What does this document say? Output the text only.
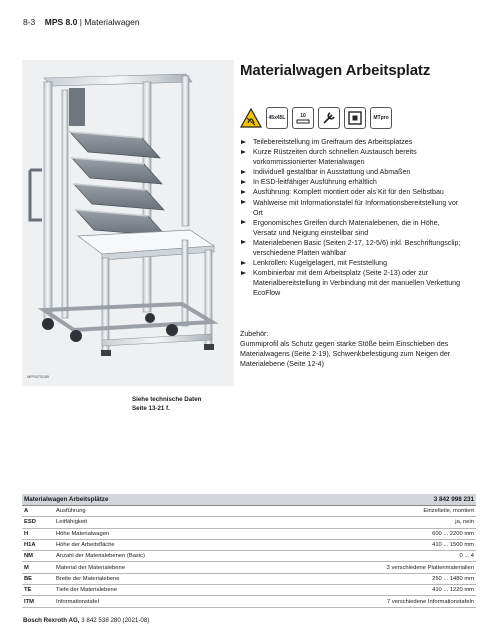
8-3 MPS 8.0 | Materialwagen
MPS975285
Siehe technische Daten
Seite 13-21 f.
Materialwagen Arbeitsplatz
45x45L	10	MTpro
Teilebereitstellung im Greifraum des Arbeitsplatzes
Kurze Rüstzeiten durch schnellen Austausch bereits vorkommissionierter Materialwagen
Individuell gestaltbar in Ausstattung und Abmaßen
In ESD-leitfähiger Ausführung erhältlich
Ausführung: Komplett montiert oder als Kit für den Selbstbau
Wahlweise mit Informationstafel für Informationsbereitstellung vor Ort
Ergonomisches Greifen durch Materialebenen, die in Höhe, Versatz und Neigung einstellbar sind
Materialebenen Basic (Seiten 2-17, 12-5/6) inkl. Beschriftungsclip; verschiedene Platten wählbar
Lenkrollen: Kugelgelagert, mit Feststellung
Kombinierbar mit dem Arbeitsplatz (Seite 2-13) oder zur Materialbereitstellung in Verbindung mit der manuellen Verkettung EcoFlow
Zubehör:
Gummiprofil als Schutz gegen starke Stöße beim Einschieben des Materialwagens (Seite 2-19), Schwenkbefestigung zum Neigen der Materialebene (Seite 12-4)
Materialwagen Arbeitsplätze		3 842 998 231
A	Ausführung	Einzelteile, montiert
ESD	Leitfähigkeit	ja, nein
H	Höhe Materialwagen	600 ... 2200 mm
H1A	Höhe der Arbeitsfläche	410 ... 1500 mm
NM	Anzahl der Materialebenen (Basic)	0 ... 4
M	Material der Materialebene	3 verschiedene Plattenmaterialien
BE	Breite der Materialebene	250 ... 1480 mm
TE	Tiefe der Materialebene	410 ... 1220 mm
ITM	Informationstafel	7 verschiedene Informationstafeln
Bosch Rexroth AG, 3 842 538 280 (2021-08)
